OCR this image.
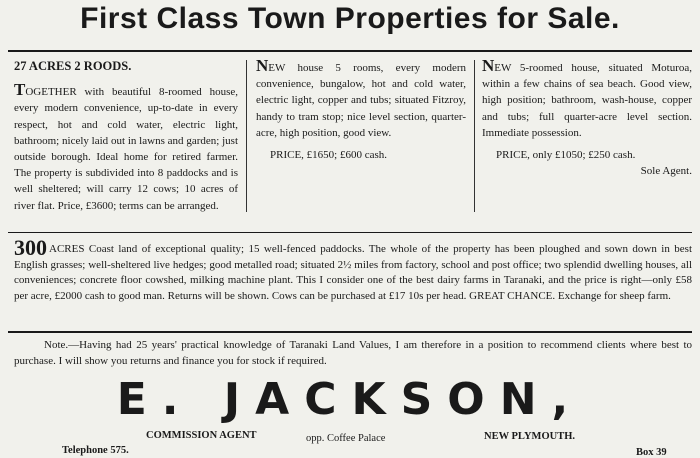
First Class Town Properties for Sale.

27 ACRES 2 ROODS.

TOGETHER with beautiful 8-roomed house, every modern convenience, up-to-date in every respect, hot and cold water, electric light, bathroom; nicely laid out in lawns and garden; just outside borough. Ideal home for retired farmer. The property is subdivided into 8 paddocks and is well sheltered; will carry 12 cows; 10 acres of river flat. Price, £3600; terms can be arranged.

NEW house 5 rooms, every modern convenience, bungalow, hot and cold water, electric light, copper and tubs; situated Fitzroy, handy to tram stop; nice level section, quarter-acre, high position, good view.

PRICE, £1650; £600 cash.

NEW 5-roomed house, situated Moturoa, within a few chains of sea beach. Good view, high position; bathroom, wash-house, copper and tubs; full quarter-acre level section. Immediate possession.

PRICE, only £1050; £250 cash.

Sole Agent.

300 ACRES Coast land of exceptional quality; 15 well-fenced paddocks. The whole of the property has been ploughed and sown down in best English grasses; well-sheltered live hedges; good metalled road; situated 2½ miles from factory, school and post office; two splendid dwelling houses, all conveniences; concrete floor cowshed, milking machine plant. This I consider one of the best dairy farms in Taranaki, and the price is right—only £58 per acre, £2000 cash to good man. Returns will be shown. Cows can be purchased at £17 10s per head. GREAT CHANCE. Exchange for sheep farm.
Note.—Having had 25 years' practical knowledge of Taranaki Land Values, I am therefore in a position to recommend clients where best to purchase. I will show you returns and finance you for stock if required.
E. JACKSON,
COMMISSION AGENT	opp. Coffee Palace	NEW PLYMOUTH.
Telephone 575.	Box 39
